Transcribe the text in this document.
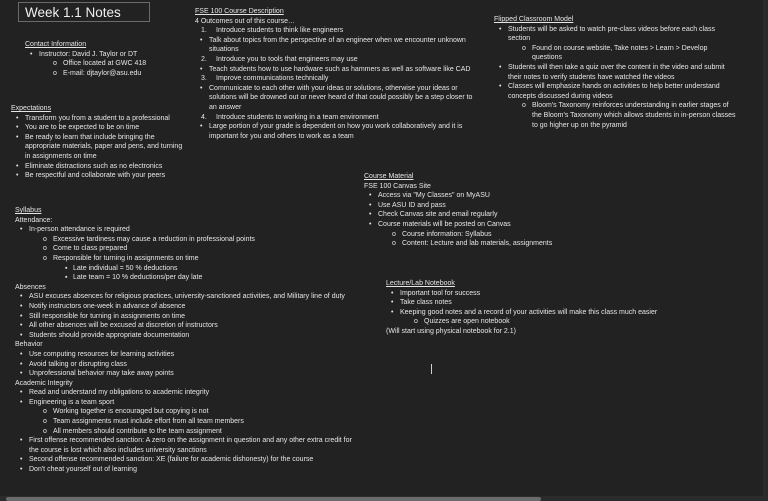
Week 1.1 Notes
Contact Information
• Instructor: David J. Taylor or DT
o Office located at GWC 418
o E-mail: djtaylor@asu.edu
Expectations
• Transform you from a student to a professional
• You are to be expected to be on time
• Be ready to learn that include bringing the appropriate materials, paper and pens, and turning in assignments on time
• Eliminate distractions such as no electronics
• Be respectful and collaborate with your peers
Syllabus
Attendance:
• In-person attendance is required
o Excessive tardiness may cause a reduction in professional points
o Come to class prepared
o Responsible for turning in assignments on time
▪ Late individual = 50 % deductions
▪ Late team = 10 % deductions/per day late
Absences
• ASU excuses absences for religious practices, university-sanctioned activities, and Military line of duty
• Notify instructors one-week in advance of absence
• Still responsible for turning in assignments on time
• All other absences will be excused at discretion of instructors
• Students should provide appropriate documentation
Behavior
• Use computing resources for learning activities
• Avoid talking or disrupting class
• Unprofessional behavior may take away points
Academic Integrity
• Read and understand my obligations to academic integrity
• Engineering is a team sport
o Working together is encouraged but copying is not
o Team assignments must include effort from all team members
o All members should contribute to the team assignment
• First offense recommended sanction: A zero on the assignment in question and any other extra credit for the course is lost which also includes university sanctions
• Second offense recommended sanction: XE (failure for academic dishonesty) for the course
• Don't cheat yourself out of learning
FSE 100 Course Description
4 Outcomes out of this course…
1. Introduce students to think like engineers
• Talk about topics from the perspective of an engineer when we encounter unknown situations
2. Introduce you to tools that engineers may use
• Teach students how to use hardware such as hammers as well as software like CAD
3. Improve communications technically
• Communicate to each other with your ideas or solutions, otherwise your ideas or solutions will be drowned out or never heard of that could possibly be a step closer to an answer
4. Introduce students to working in a team environment
• Large portion of your grade is dependent on how you work collaboratively and it is important for you and others to work as a team
Flipped Classroom Model
• Students will be asked to watch pre-class videos before each class section
o Found on course website, Take notes > Learn > Develop questions
• Students will then take a quiz over the content in the video and submit their notes to verify students have watched the videos
• Classes will emphasize hands on activities to help better understand concepts discussed during videos
o Bloom's Taxonomy reinforces understanding in earlier stages of the Bloom's Taxonomy which allows students in in-person classes to go higher up on the pyramid
Course Material
FSE 100 Canvas Site
• Access via "My Classes" on MyASU
• Use ASU ID and pass
• Check Canvas site and email regularly
• Course materials will be posted on Canvas
o Course information: Syllabus
o Content: Lecture and lab materials, assignments
Lecture/Lab Notebook
• Important tool for success
• Take class notes
• Keeping good notes and a record of your activities will make this class much easier
o Quizzes are open notebook
(Will start using physical notebook for 2.1)
